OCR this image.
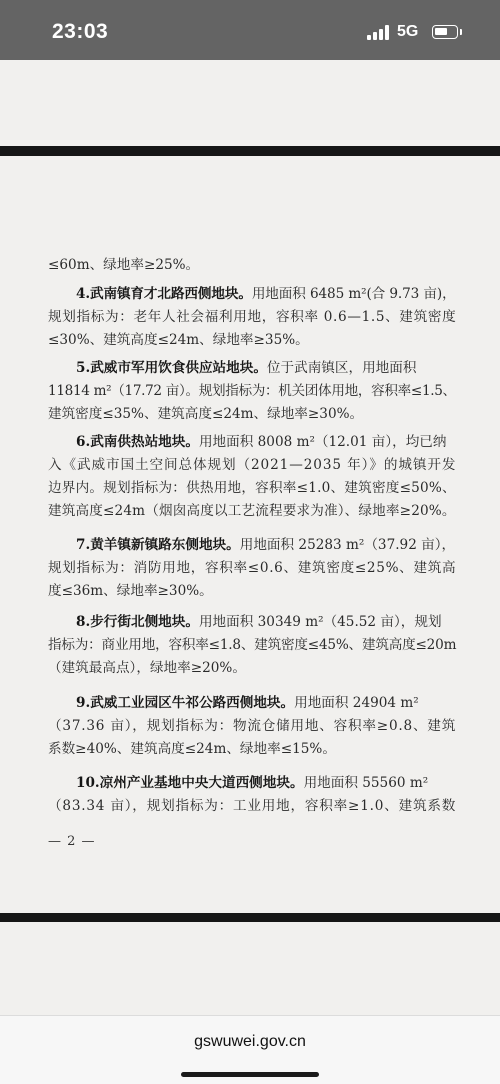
23:03	5G
≤60m、绿地率≥25%。
4.武南镇育才北路西侧地块。用地面积 6485 m²(合 9.73 亩)，
规划指标为：老年人社会福利用地，容积率 0.6—1.5、建筑密度
≤30%、建筑高度≤24m、绿地率≥35%。
5.武威市军用饮食供应站地块。位于武南镇区，用地面积
11814 m²（17.72 亩）。规划指标为：机关团体用地，容积率≤1.5、
建筑密度≤35%、建筑高度≤24m、绿地率≥30%。
6.武南供热站地块。用地面积 8008 m²（12.01 亩），均已纳
入《武威市国土空间总体规划（2021—2035 年）》的城镇开发
边界内。规划指标为：供热用地，容积率≤1.0、建筑密度≤50%、
建筑高度≤24m（烟囱高度以工艺流程要求为准）、绿地率≥20%。
7.黄羊镇新镇路东侧地块。用地面积 25283 m²（37.92 亩），
规划指标为：消防用地，容积率≤0.6、建筑密度≤25%、建筑高
度≤36m、绿地率≥30%。
8.步行街北侧地块。用地面积 30349 m²（45.52 亩），规划
指标为：商业用地，容积率≤1.8、建筑密度≤45%、建筑高度≤20m
（建筑最高点），绿地率≥20%。
9.武威工业园区牛祁公路西侧地块。用地面积 24904 m²
（37.36 亩），规划指标为：物流仓储用地、容积率≥0.8、建筑
系数≥40%、建筑高度≤24m、绿地率≤15%。
10.凉州产业基地中央大道西侧地块。用地面积 55560 m²
（83.34 亩），规划指标为：工业用地，容积率≥1.0、建筑系数
— 2 —
gswuwei.gov.cn
